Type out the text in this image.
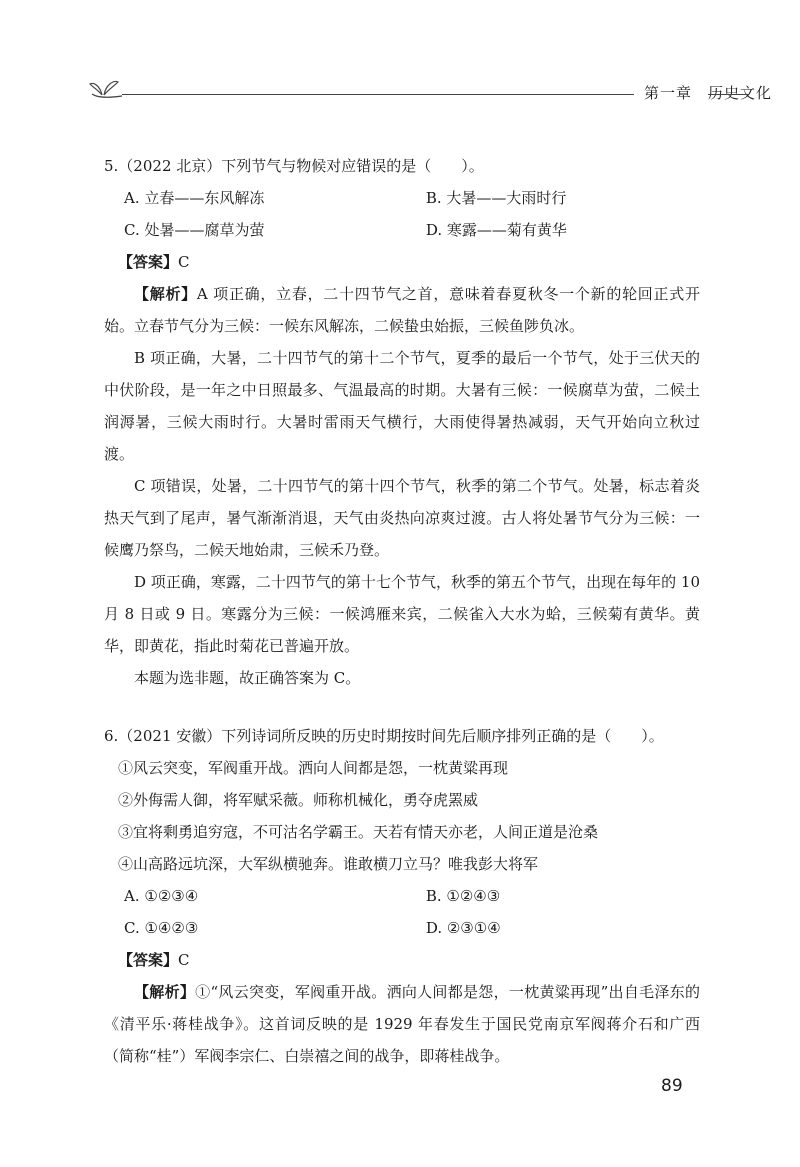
第一章　历史文化

5.（2022 北京）下列节气与物候对应错误的是（　　）。

A. 立春——东风解冻	B. 大暑——大雨时行

C. 处暑——腐草为萤	D. 寒露——菊有黄华

【答案】C

【解析】A 项正确，立春，二十四节气之首，意味着春夏秋冬一个新的轮回正式开始。立春节气分为三候：一候东风解冻，二候蛰虫始振，三候鱼陟负冰。

B 项正确，大暑，二十四节气的第十二个节气，夏季的最后一个节气，处于三伏天的中伏阶段，是一年之中日照最多、气温最高的时期。大暑有三候：一候腐草为萤，二候土润溽暑，三候大雨时行。大暑时雷雨天气横行，大雨使得暑热减弱，天气开始向立秋过渡。

C 项错误，处暑，二十四节气的第十四个节气，秋季的第二个节气。处暑，标志着炎热天气到了尾声，暑气渐渐消退，天气由炎热向凉爽过渡。古人将处暑节气分为三候：一候鹰乃祭鸟，二候天地始肃，三候禾乃登。

D 项正确，寒露，二十四节气的第十七个节气，秋季的第五个节气，出现在每年的 10 月 8 日或 9 日。寒露分为三候：一候鸿雁来宾，二候雀入大水为蛤，三候菊有黄华。黄华，即黄花，指此时菊花已普遍开放。

本题为选非题，故正确答案为 C。

6.（2021 安徽）下列诗词所反映的历史时期按时间先后顺序排列正确的是（　　）。

①风云突变，军阀重开战。洒向人间都是怨，一枕黄粱再现

②外侮需人御，将军赋采薇。师称机械化，勇夺虎罴威

③宜将剩勇追穷寇，不可沽名学霸王。天若有情天亦老，人间正道是沧桑

④山高路远坑深，大军纵横驰奔。谁敢横刀立马？唯我彭大将军

A. ①②③④	B. ①②④③

C. ①④②③	D. ②③①④

【答案】C

【解析】①“风云突变，军阀重开战。洒向人间都是怨，一枕黄粱再现”出自毛泽东的《清平乐·蒋桂战争》。这首词反映的是 1929 年春发生于国民党南京军阀蒋介石和广西（简称“桂”）军阀李宗仁、白崇禧之间的战争，即蒋桂战争。

89
